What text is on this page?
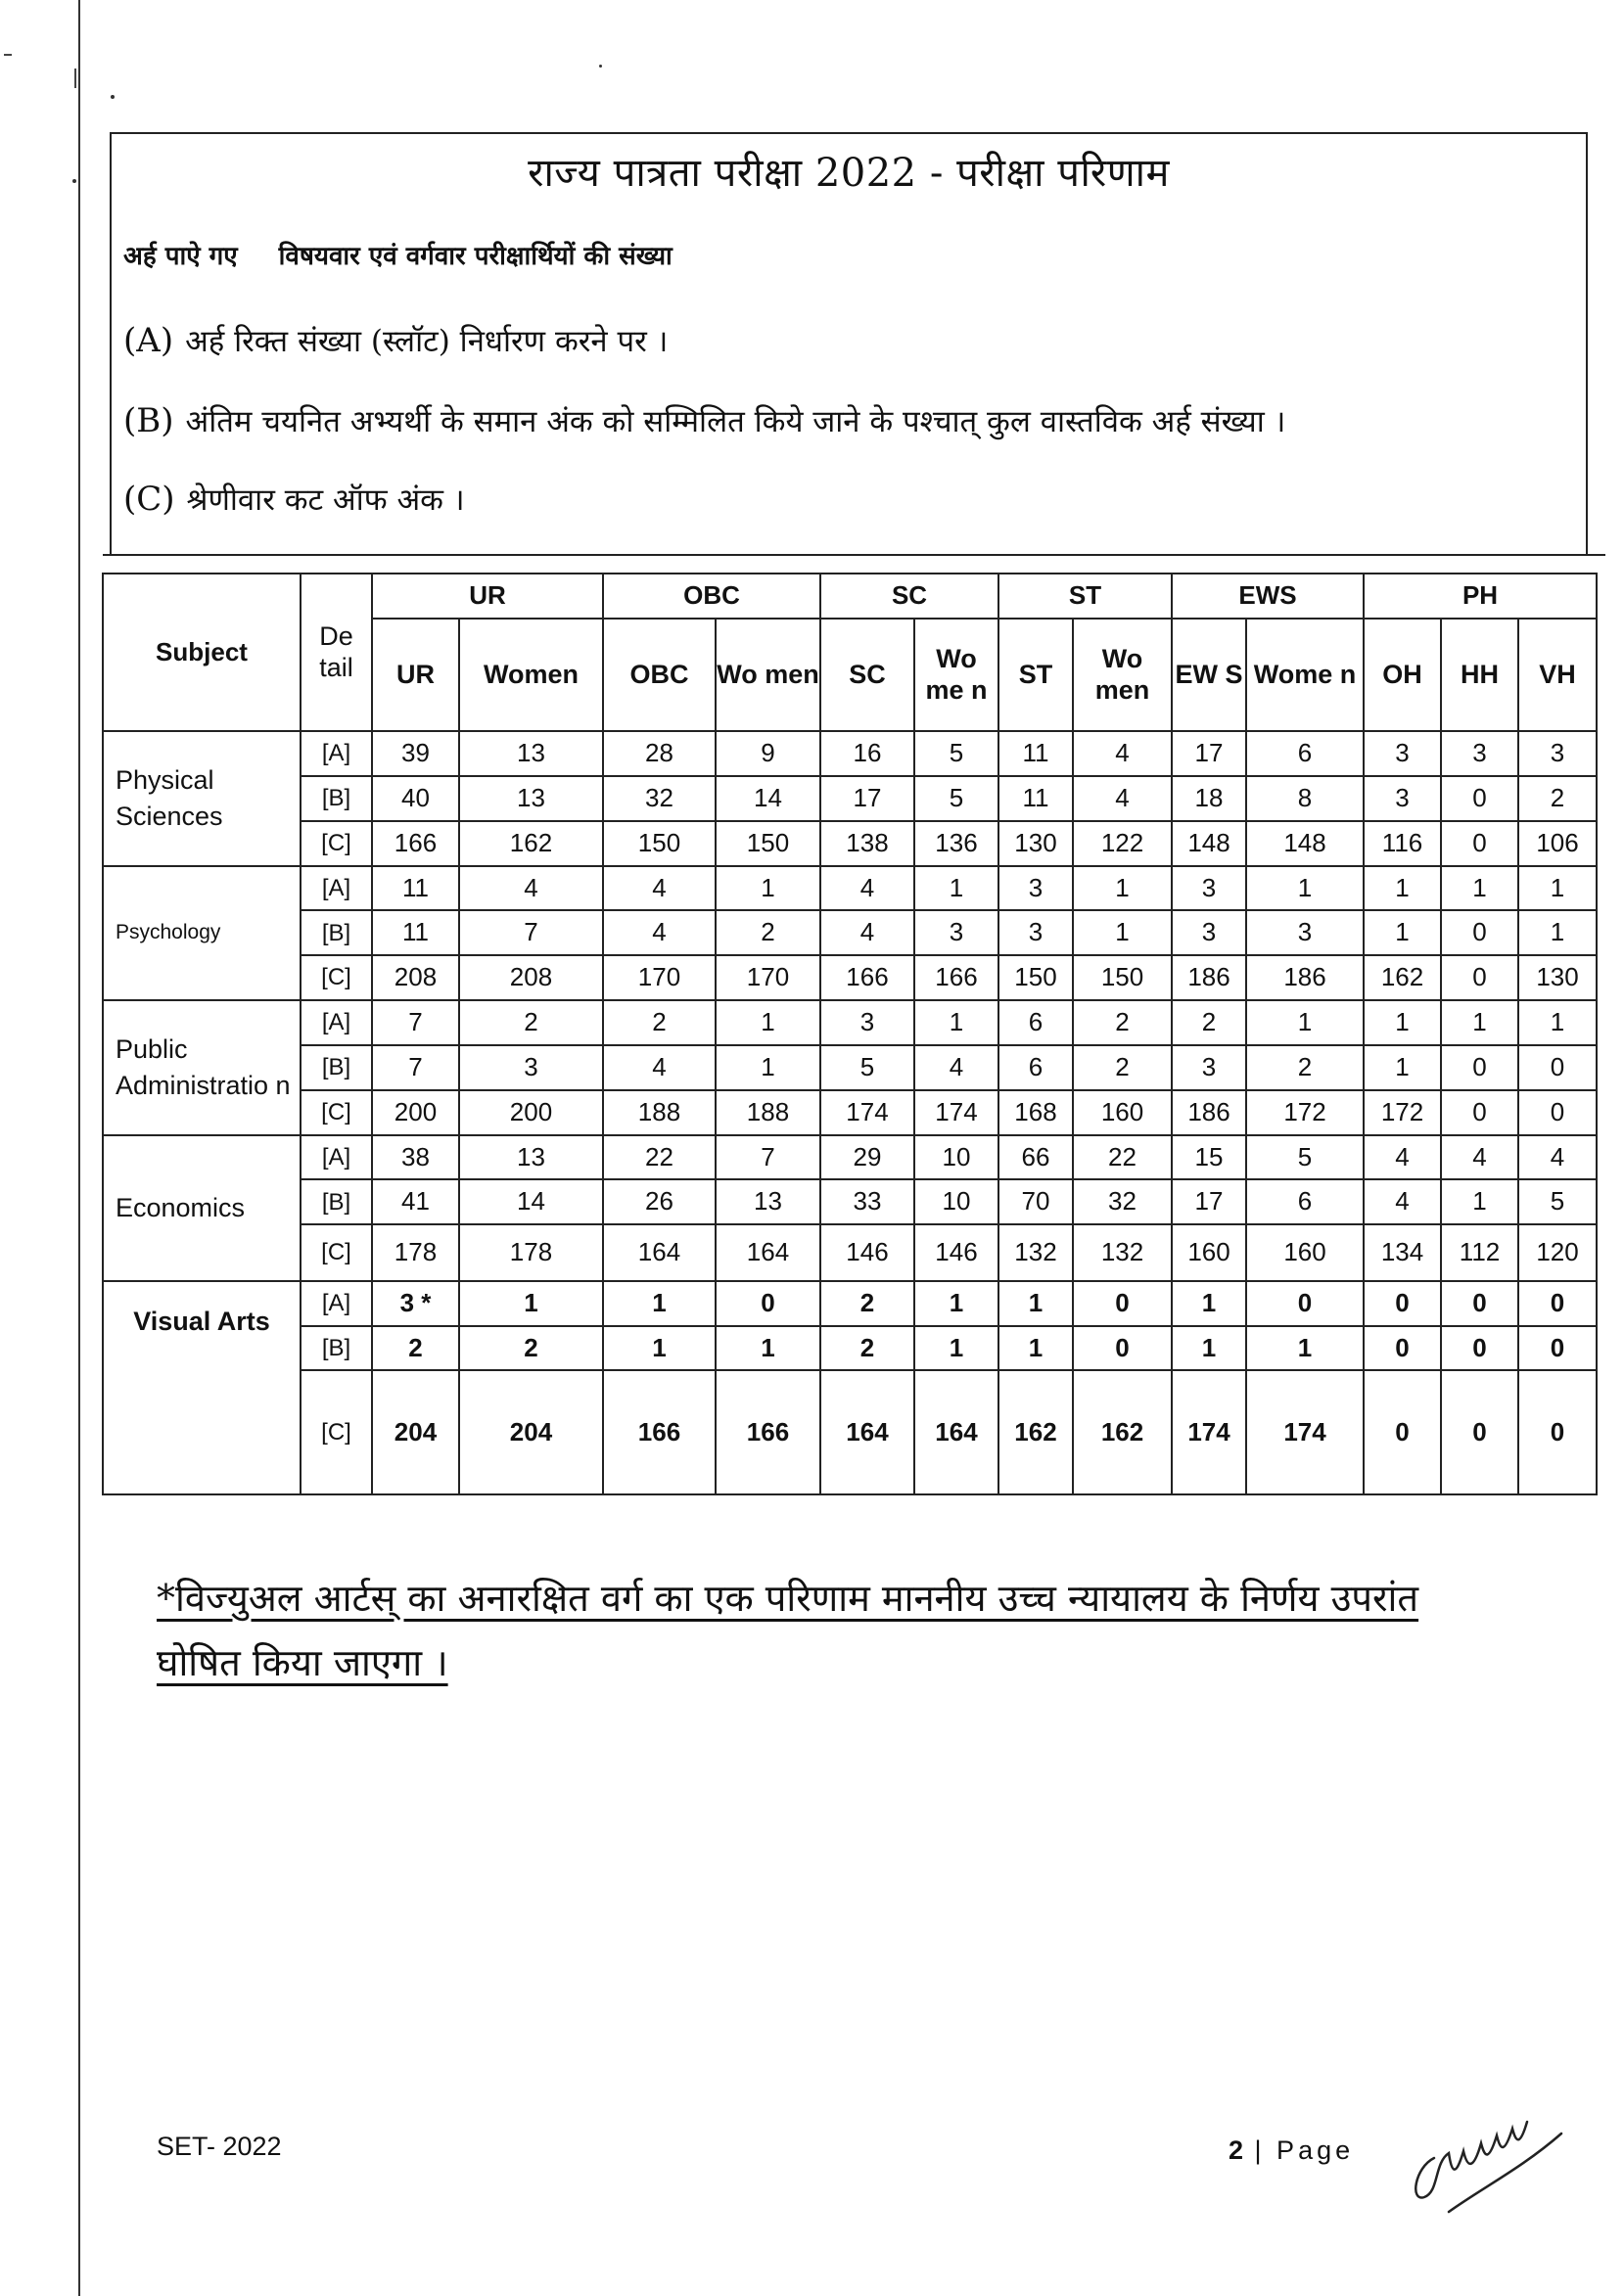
राज्य पात्रता परीक्षा 2022 - परीक्षा परिणाम
अर्ह पाऐ गए विषयवार एवं वर्गवार परीक्षार्थियों की संख्या
(A) अर्ह रिक्त संख्या (स्लॉट) निर्धारण करने पर ।
(B) अंतिम चयनित अभ्यर्थी के समान अंक को सम्मिलित किये जाने के पश्चात् कुल वास्तविक अर्ह संख्या ।
(C) श्रेणीवार कट ऑफ अंक ।
Subject	De tail	UR		OBC		SC		ST		EWS		PH		
		UR	Women	OBC	Wo men	SC	Wo me n	ST	Wo men	EW S	Wome n	OH	HH	VH
Physical Sciences	[A]	39	13	28	9	16	5	11	4	17	6	3	3	3
	[B]	40	13	32	14	17	5	11	4	18	8	3	0	2
	[C]	166	162	150	150	138	136	130	122	148	148	116	0	106
Psychology	[A]	11	4	4	1	4	1	3	1	3	1	1	1	1
	[B]	11	7	4	2	4	3	3	1	3	3	1	0	1
	[C]	208	208	170	170	166	166	150	150	186	186	162	0	130
Public Administratio n	[A]	7	2	2	1	3	1	6	2	2	1	1	1	1
	[B]	7	3	4	1	5	4	6	2	3	2	1	0	0
	[C]	200	200	188	188	174	174	168	160	186	172	172	0	0
Economics	[A]	38	13	22	7	29	10	66	22	15	5	4	4	4
	[B]	41	14	26	13	33	10	70	32	17	6	4	1	5
	[C]	178	178	164	164	146	146	132	132	160	160	134	112	120
Visual Arts	[A]	3 *	1	1	0	2	1	1	0	1	0	0	0	0
	[B]	2	2	1	1	2	1	1	0	1	1	0	0	0
	[C]	204	204	166	166	164	164	162	162	174	174	0	0	0
*विज्युअल आर्टस् का अनारक्षित वर्ग का एक परिणाम माननीय उच्च न्यायालय के निर्णय उपरांत घोषित किया जाएगा ।
SET- 2022	2 | Page
